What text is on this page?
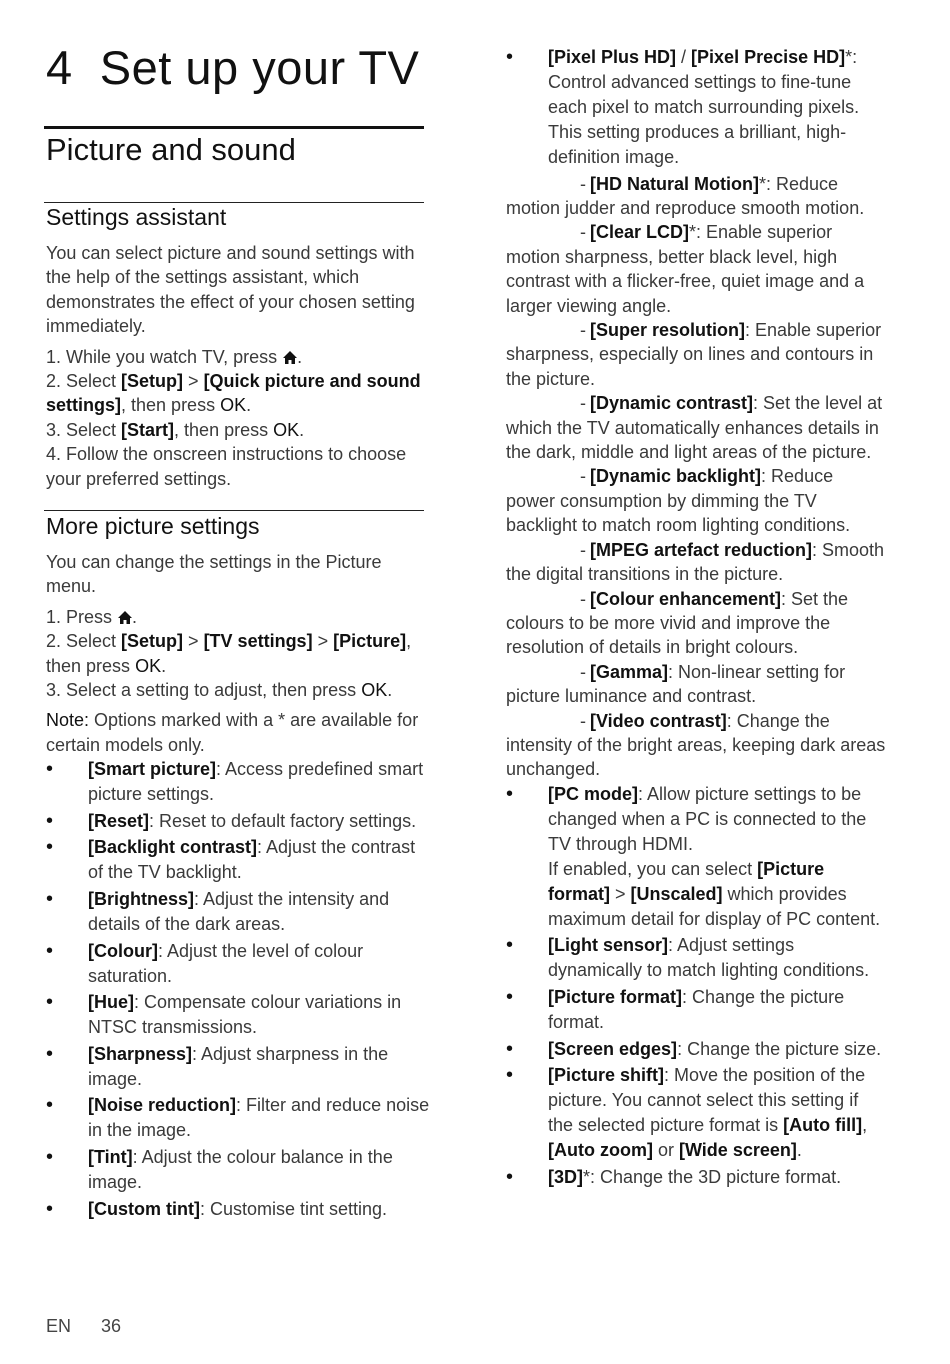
4 Set up your TV
Picture and sound
Settings assistant

You can select picture and sound settings with the help of the settings assistant, which demonstrates the effect of your chosen setting immediately.

1. While you watch TV, press .

2. Select [Setup] > [Quick picture and sound settings], then press OK.

3. Select [Start], then press OK.

4. Follow the onscreen instructions to choose your preferred settings.

More picture settings

You can change the settings in the Picture menu.

1. Press .

2. Select [Setup] > [TV settings] > [Picture], then press OK.

3. Select a setting to adjust, then press OK.

Note: Options marked with a * are available for certain models only.

• [Smart picture]: Access predefined smart picture settings.
• [Reset]: Reset to default factory settings.
• [Backlight contrast]: Adjust the contrast of the TV backlight.
• [Brightness]: Adjust the intensity and details of the dark areas.
• [Colour]: Adjust the level of colour saturation.
• [Hue]: Compensate colour variations in NTSC transmissions.
• [Sharpness]: Adjust sharpness in the image.
• [Noise reduction]: Filter and reduce noise in the image.
• [Tint]: Adjust the colour balance in the image.
• [Custom tint]: Customise tint setting.
EN 36
• [Pixel Plus HD] / [Pixel Precise HD]*: Control advanced settings to fine-tune each pixel to match surrounding pixels. This setting produces a brilliant, high-definition image.

- [HD Natural Motion]*: Reduce motion judder and reproduce smooth motion.

- [Clear LCD]*: Enable superior motion sharpness, better black level, high contrast with a flicker-free, quiet image and a larger viewing angle.

- [Super resolution]: Enable superior sharpness, especially on lines and contours in the picture.

- [Dynamic contrast]: Set the level at which the TV automatically enhances details in the dark, middle and light areas of the picture.

- [Dynamic backlight]: Reduce power consumption by dimming the TV backlight to match room lighting conditions.

- [MPEG artefact reduction]: Smooth the digital transitions in the picture.

- [Colour enhancement]: Set the colours to be more vivid and improve the resolution of details in bright colours.

- [Gamma]: Non-linear setting for picture luminance and contrast.

- [Video contrast]: Change the intensity of the bright areas, keeping dark areas unchanged.

• [PC mode]: Allow picture settings to be changed when a PC is connected to the TV through HDMI.
If enabled, you can select [Picture format] > [Unscaled] which provides maximum detail for display of PC content.
• [Light sensor]: Adjust settings dynamically to match lighting conditions.
• [Picture format]: Change the picture format.
• [Screen edges]: Change the picture size.
• [Picture shift]: Move the position of the picture. You cannot select this setting if the selected picture format is [Auto fill], [Auto zoom] or [Wide screen].
• [3D]*: Change the 3D picture format.
